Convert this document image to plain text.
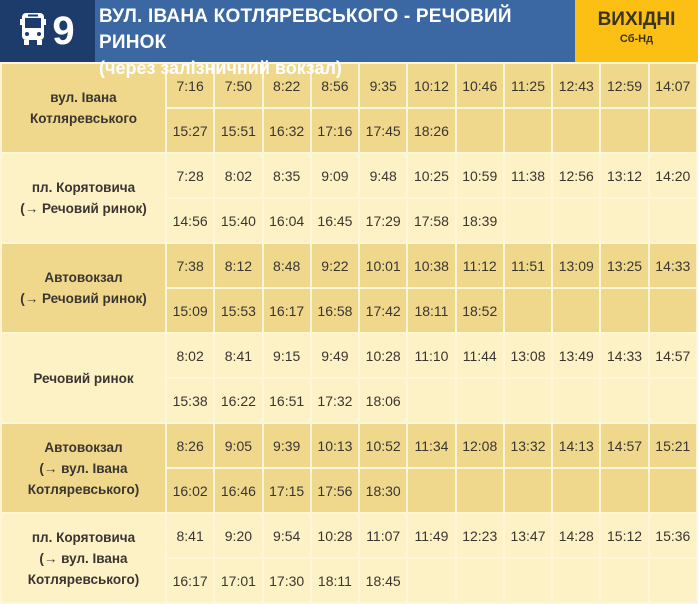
9 ВУЛ. ІВАНА КОТЛЯРЕВСЬКОГО - РЕЧОВИЙ РИНОК
(через залізничний вокзал)
ВИХІДНІ
Сб-Нд
вул. Івана
Котляревського	7:16	7:50	8:22	8:56	9:35	10:12	10:46	11:25	12:43	12:59	14:07
	15:27	15:51	16:32	17:16	17:45	18:26					

пл. Корятовича
(→ Речовий ринок)	7:28	8:02	8:35	9:09	9:48	10:25	10:59	11:38	12:56	13:12	14:20
	14:56	15:40	16:04	16:45	17:29	17:58	18:39				

Автовокзал
(→ Речовий ринок)	7:38	8:12	8:48	9:22	10:01	10:38	11:12	11:51	13:09	13:25	14:33
	15:09	15:53	16:17	16:58	17:42	18:11	18:52				

Речовий ринок	8:02	8:41	9:15	9:49	10:28	11:10	11:44	13:08	13:49	14:33	14:57
	15:38	16:22	16:51	17:32	18:06						

Автовокзал
(→ вул. Івана
Котляревського)	8:26	9:05	9:39	10:13	10:52	11:34	12:08	13:32	14:13	14:57	15:21
	16:02	16:46	17:15	17:56	18:30						

пл. Корятовича
(→ вул. Івана
Котляревського)	8:41	9:20	9:54	10:28	11:07	11:49	12:23	13:47	14:28	15:12	15:36
	16:17	17:01	17:30	18:11	18:45						
